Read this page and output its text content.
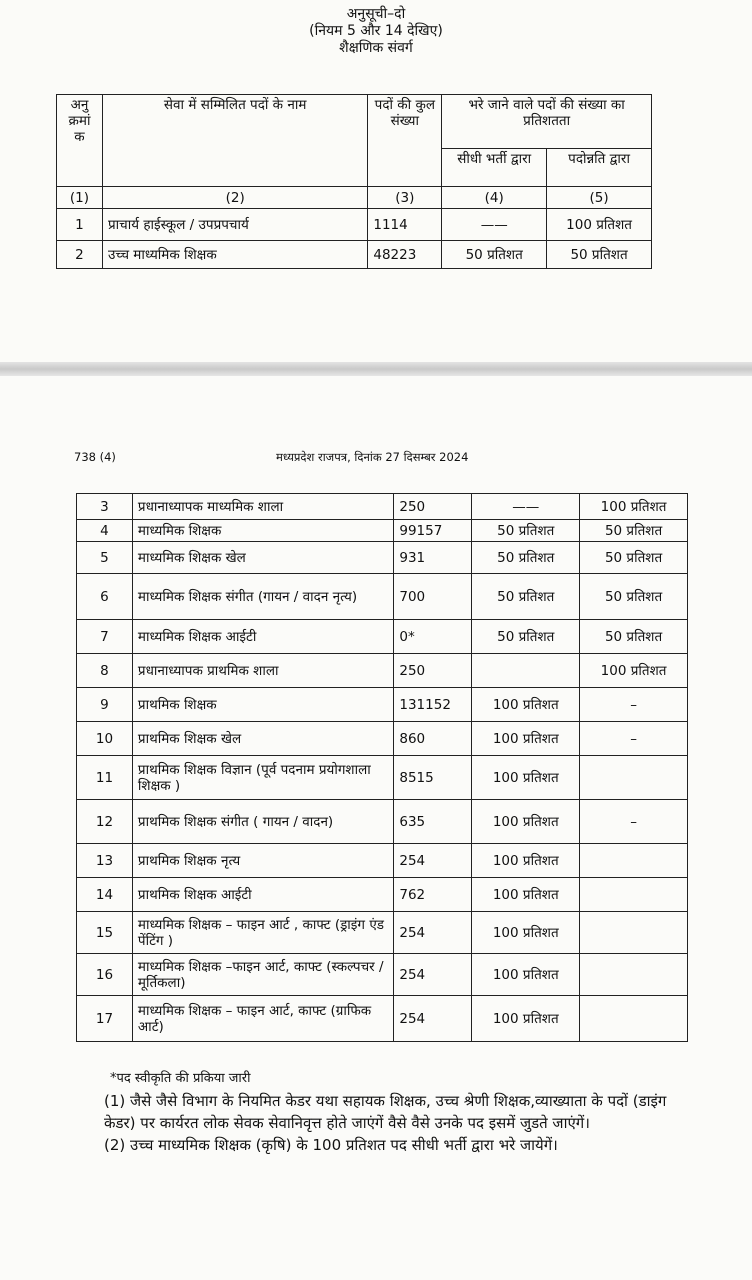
अनुसूची–दो
(नियम 5 और 14 देखिए)
शैक्षणिक संवर्ग
अनु क्रमां क	सेवा में सम्मिलित पदों के नाम	पदों की कुल संख्या	भरे जाने वाले पदों की संख्या का प्रतिशतता	
			सीधी भर्ती द्वारा	पदोन्नति द्वारा
(1)	(2)	(3)	(4)	(5)
1	प्राचार्य हाईस्कूल / उपप्रपचार्य	1114	——	100 प्रतिशत
2	उच्च माध्यमिक शिक्षक	48223	50 प्रतिशत	50 प्रतिशत
738 (4)	मध्यप्रदेश राजपत्र, दिनांक 27 दिसम्बर 2024
3	प्रधानाध्यापक माध्यमिक शाला	250	——	100 प्रतिशत
4	माध्यमिक शिक्षक	99157	50 प्रतिशत	50 प्रतिशत
5	माध्यमिक शिक्षक खेल	931	50 प्रतिशत	50 प्रतिशत
6	माध्यमिक शिक्षक संगीत (गायन / वादन नृत्य)	700	50 प्रतिशत	50 प्रतिशत
7	माध्यमिक शिक्षक आईटी	0*	50 प्रतिशत	50 प्रतिशत
8	प्रधानाध्यापक प्राथमिक शाला	250		100 प्रतिशत
9	प्राथमिक शिक्षक	131152	100 प्रतिशत	–
10	प्राथमिक शिक्षक खेल	860	100 प्रतिशत	–
11	प्राथमिक शिक्षक विज्ञान (पूर्व पदनाम प्रयोगशाला शिक्षक )	8515	100 प्रतिशत	
12	प्राथमिक शिक्षक संगीत ( गायन / वादन)	635	100 प्रतिशत	–
13	प्राथमिक शिक्षक नृत्य	254	100 प्रतिशत	
14	प्राथमिक शिक्षक आईटी	762	100 प्रतिशत	
15	माध्यमिक शिक्षक – फाइन आर्ट , काफ्ट (ड्राइंग एंड पेंटिंग )	254	100 प्रतिशत	
16	माध्यमिक शिक्षक –फाइन आर्ट, काफ्ट (स्कल्पचर / मूर्तिकला)	254	100 प्रतिशत	
17	माध्यमिक शिक्षक – फाइन आर्ट, काफ्ट (ग्राफिक आर्ट)	254	100 प्रतिशत	

*पद स्वीकृति की प्रकिया जारी

(1) जैसे जैसे विभाग के नियमित केडर यथा सहायक शिक्षक, उच्च श्रेणी शिक्षक,व्याख्याता के पदों (डाइंग केडर) पर कार्यरत लोक सेवक सेवानिवृत्त होते जाएंगें वैसे वैसे उनके पद इसमें जुडते जाएंगें।

(2) उच्च माध्यमिक शिक्षक (कृषि) के 100 प्रतिशत पद सीधी भर्ती द्वारा भरे जायेगें।
